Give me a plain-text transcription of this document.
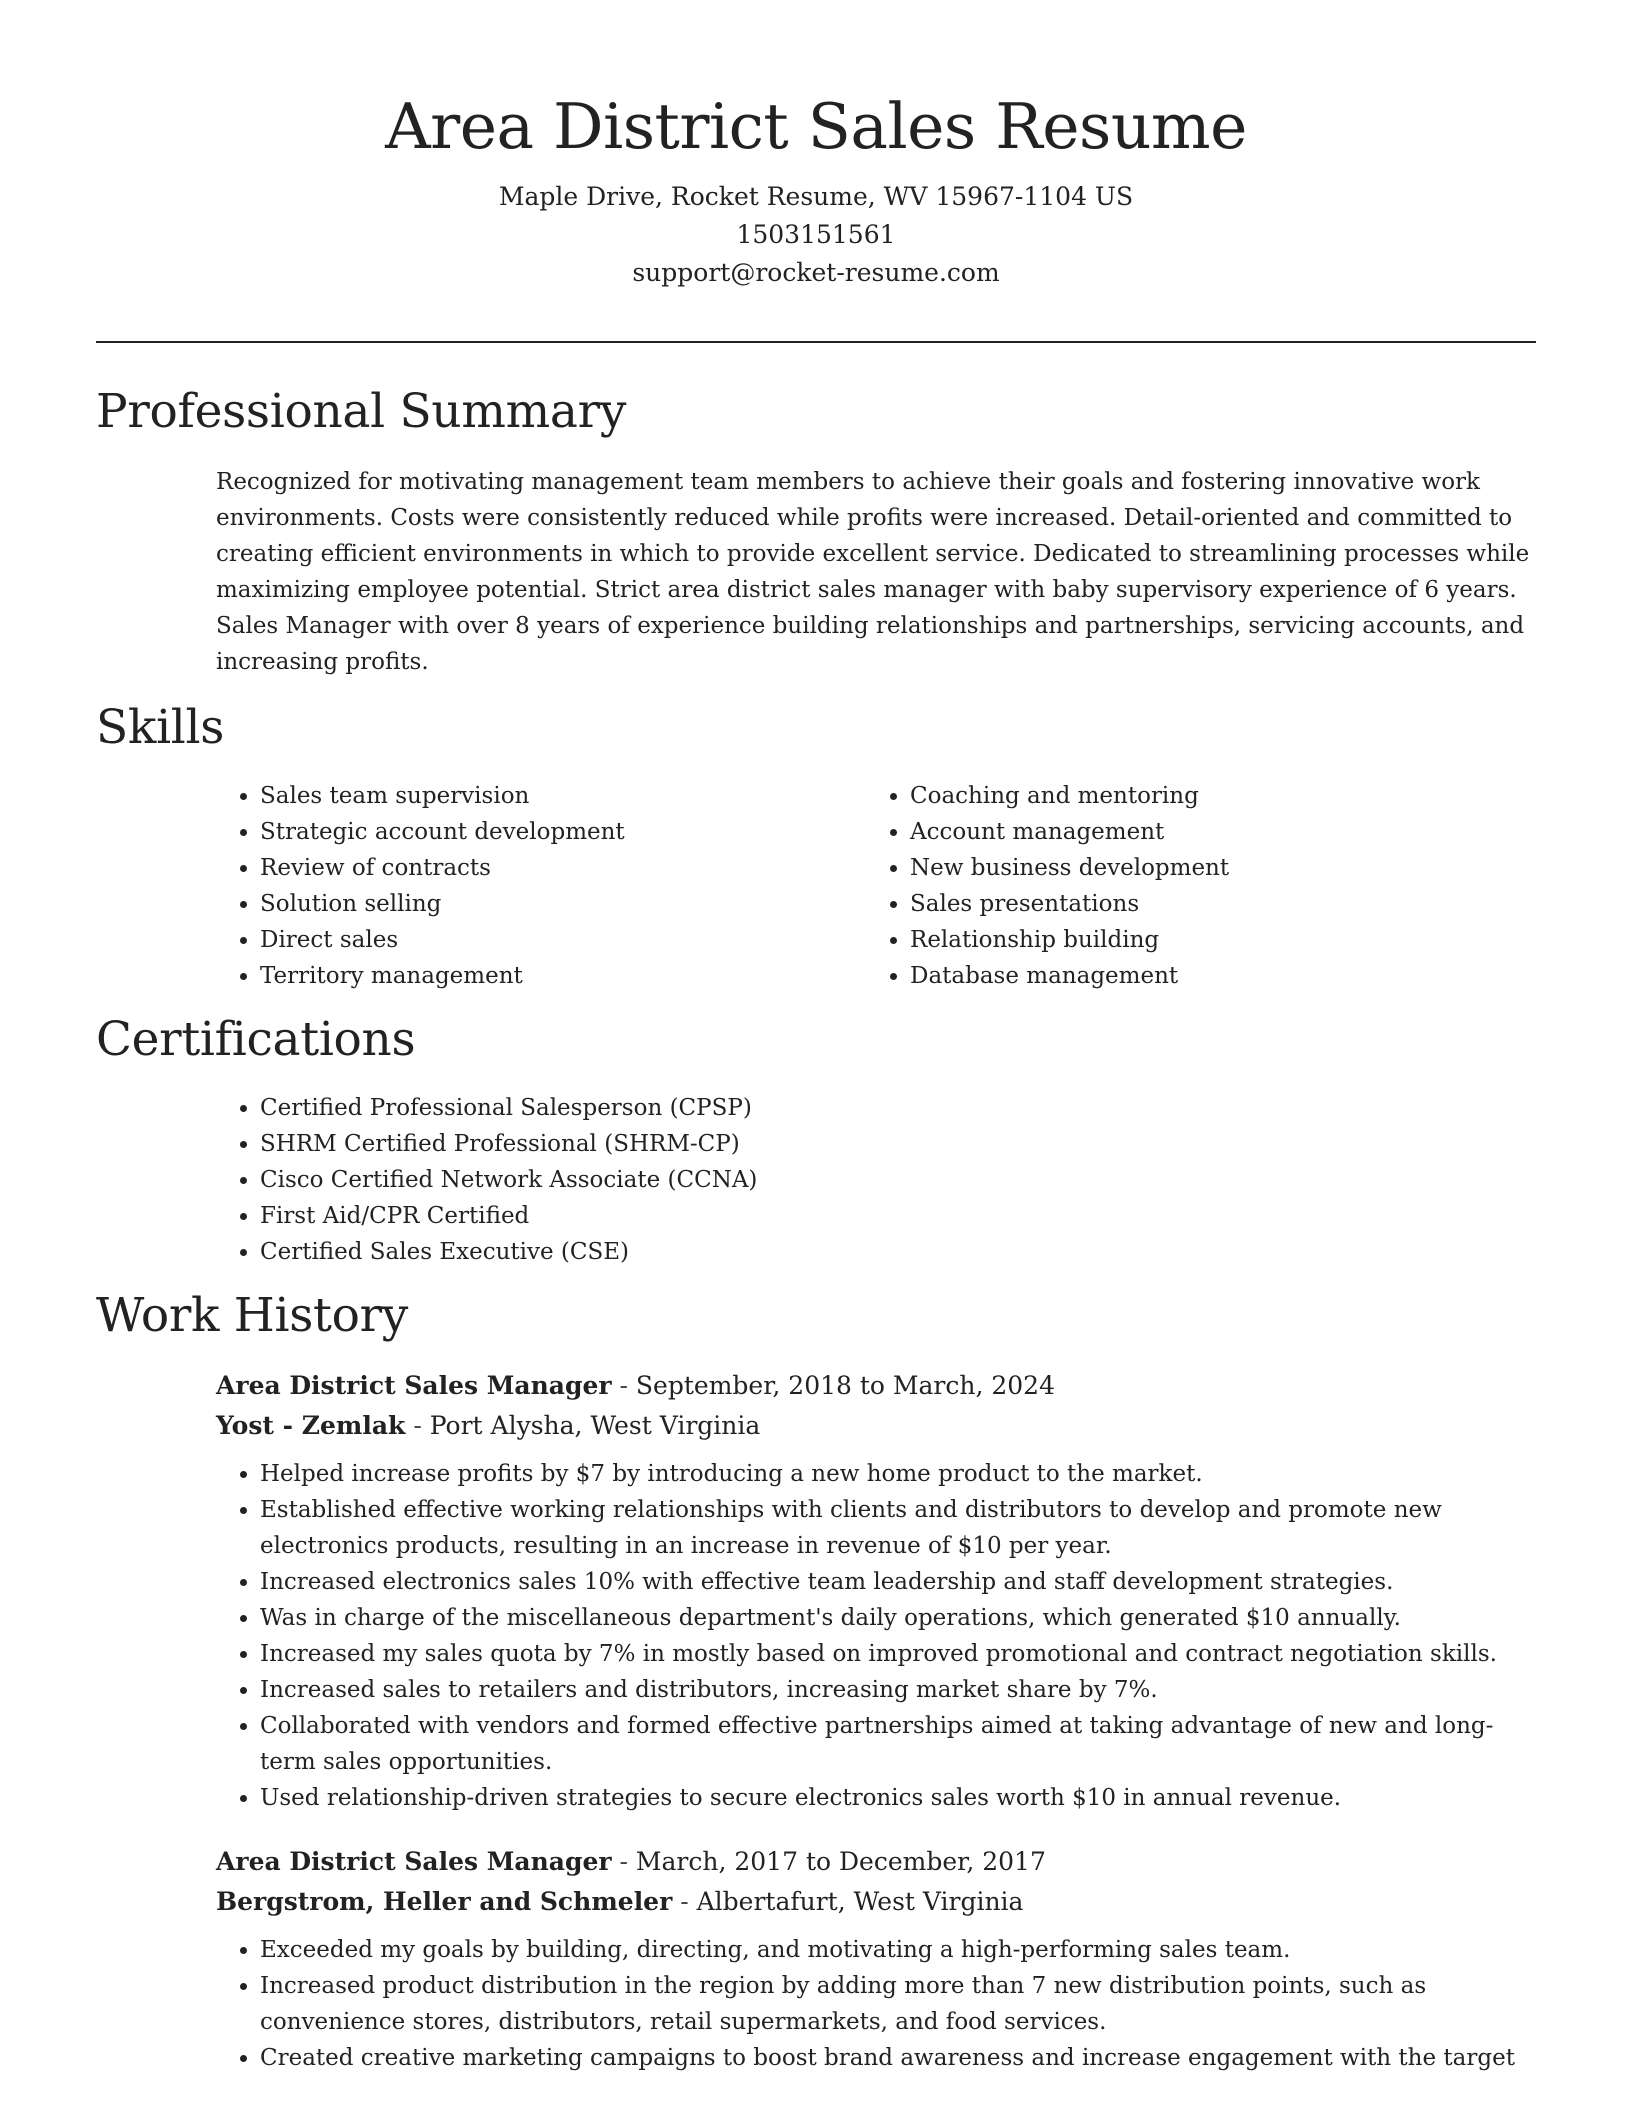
Area District Sales Resume
Maple Drive, Rocket Resume, WV 15967-1104 US
1503151561
support@rocket-resume.com
Professional Summary

Recognized for motivating management team members to achieve their goals and fostering innovative work environments. Costs were consistently reduced while profits were increased. Detail-oriented and committed to creating efficient environments in which to provide excellent service. Dedicated to streamlining processes while maximizing employee potential. Strict area district sales manager with baby supervisory experience of 6 years. Sales Manager with over 8 years of experience building relationships and partnerships, servicing accounts, and increasing profits.

Skills
• Sales team supervision
• Strategic account development
• Review of contracts
• Solution selling
• Direct sales
• Territory management
• Coaching and mentoring
• Account management
• New business development
• Sales presentations
• Relationship building
• Database management
Certifications
• Certified Professional Salesperson (CPSP)
• SHRM Certified Professional (SHRM-CP)
• Cisco Certified Network Associate (CCNA)
• First Aid/CPR Certified
• Certified Sales Executive (CSE)
Work History
Area District Sales Manager - September, 2018 to March, 2024
Yost - Zemlak - Port Alysha, West Virginia
• Helped increase profits by $7 by introducing a new home product to the market.
• Established effective working relationships with clients and distributors to develop and promote new electronics products, resulting in an increase in revenue of $10 per year.
• Increased electronics sales 10% with effective team leadership and staff development strategies.
• Was in charge of the miscellaneous department's daily operations, which generated $10 annually.
• Increased my sales quota by 7% in mostly based on improved promotional and contract negotiation skills.
• Increased sales to retailers and distributors, increasing market share by 7%.
• Collaborated with vendors and formed effective partnerships aimed at taking advantage of new and long-term sales opportunities.
• Used relationship-driven strategies to secure electronics sales worth $10 in annual revenue.
Area District Sales Manager - March, 2017 to December, 2017
Bergstrom, Heller and Schmeler - Albertafurt, West Virginia
• Exceeded my goals by building, directing, and motivating a high-performing sales team.
• Increased product distribution in the region by adding more than 7 new distribution points, such as convenience stores, distributors, retail supermarkets, and food services.
• Created creative marketing campaigns to boost brand awareness and increase engagement with the target
